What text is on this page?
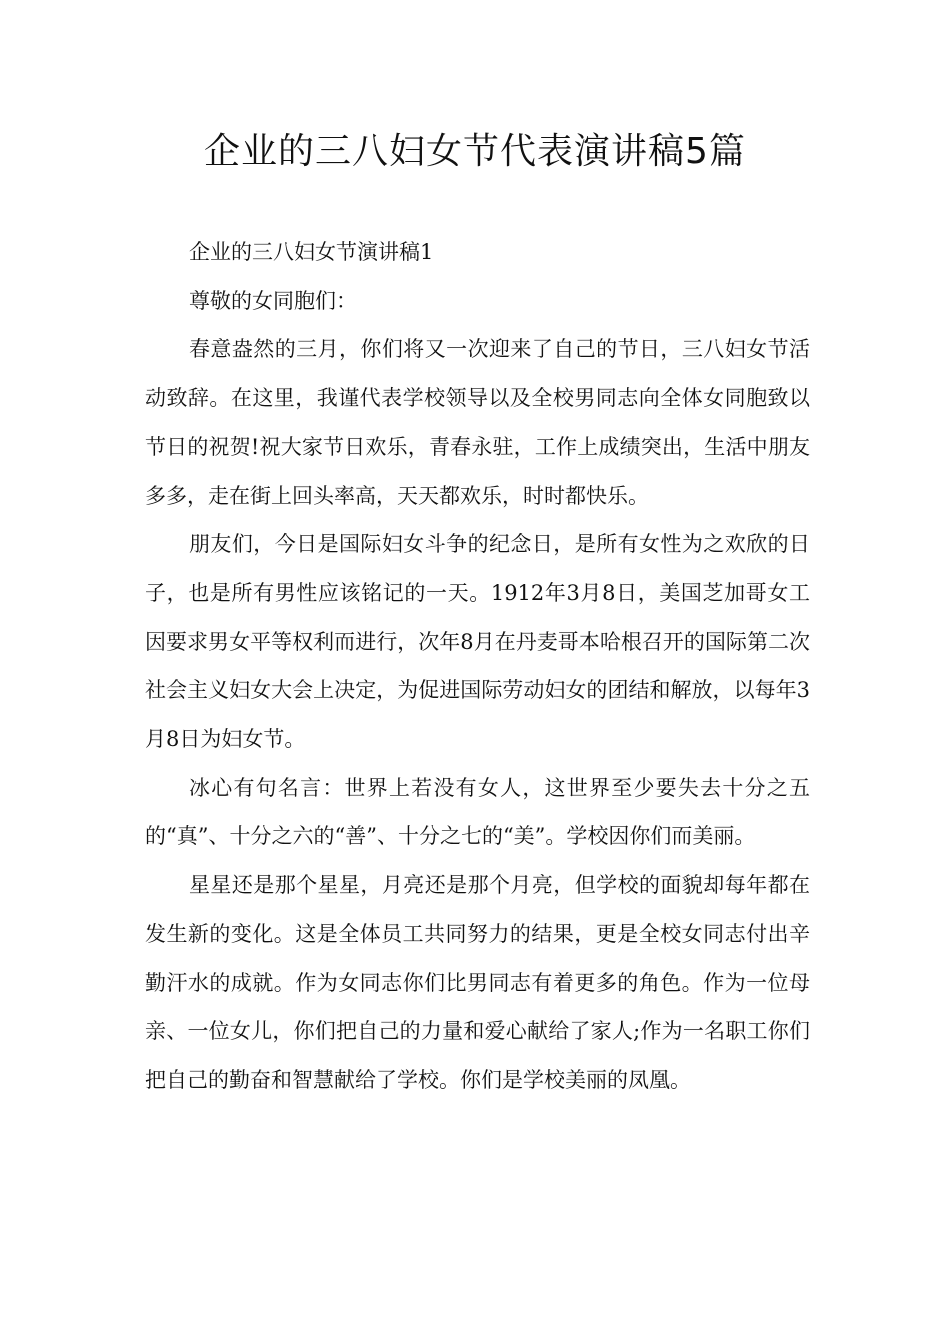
企业的三八妇女节代表演讲稿5篇

企业的三八妇女节演讲稿1

尊敬的女同胞们：

春意盎然的三月，你们将又一次迎来了自己的节日，三八妇女节活动致辞。在这里，我谨代表学校领导以及全校男同志向全体女同胞致以节日的祝贺!祝大家节日欢乐，青春永驻，工作上成绩突出，生活中朋友多多，走在街上回头率高，天天都欢乐，时时都快乐。

朋友们，今日是国际妇女斗争的纪念日，是所有女性为之欢欣的日子，也是所有男性应该铭记的一天。1912年3月8日，美国芝加哥女工因要求男女平等权利而进行，次年8月在丹麦哥本哈根召开的国际第二次社会主义妇女大会上决定，为促进国际劳动妇女的团结和解放，以每年3月8日为妇女节。

冰心有句名言：世界上若没有女人，这世界至少要失去十分之五的“真”、十分之六的“善”、十分之七的“美”。学校因你们而美丽。

星星还是那个星星，月亮还是那个月亮，但学校的面貌却每年都在发生新的变化。这是全体员工共同努力的结果，更是全校女同志付出辛勤汗水的成就。作为女同志你们比男同志有着更多的角色。作为一位母亲、一位女儿，你们把自己的力量和爱心献给了家人;作为一名职工你们把自己的勤奋和智慧献给了学校。你们是学校美丽的凤凰。
